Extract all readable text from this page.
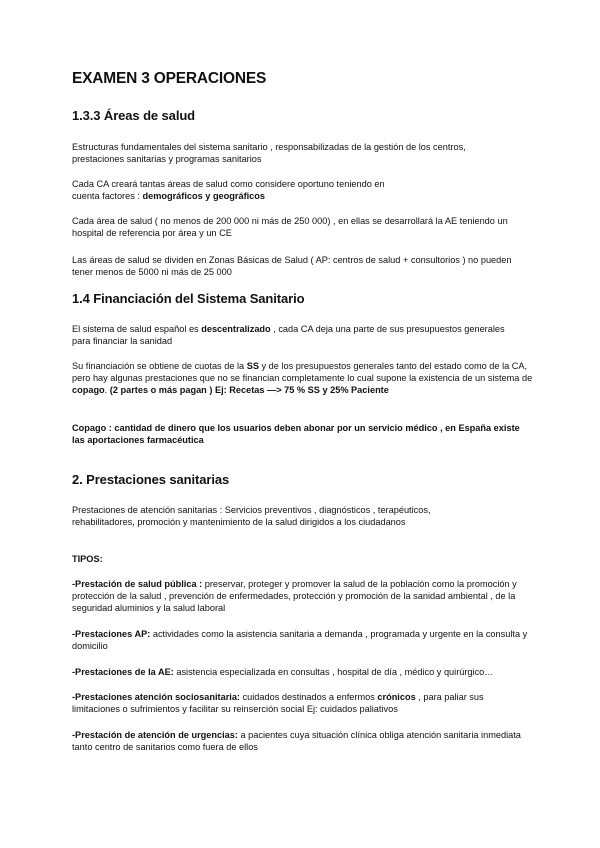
EXAMEN 3 OPERACIONES
1.3.3 Áreas de salud

Estructuras fundamentales del sistema sanitario , responsabilizadas de la gestión de los centros, prestaciones sanitarias y programas sanitarios

Cada CA creará tantas áreas de salud como considere oportuno teniendo en cuenta factores : demográficos y geográficos

Cada área de salud ( no menos de 200 000 ni más de 250 000) , en ellas se desarrollará la AE teniendo un hospital de referencia por área y un CE

Las áreas de salud se dividen en Zonas Básicas de Salud ( AP: centros de salud + consultorios ) no pueden tener menos de 5000 ni más de 25 000

1.4 Financiación del Sistema Sanitario

El sistema de salud español es descentralizado , cada CA deja una parte de sus presupuestos generales para financiar la sanidad

Su financiación se obtiene de cuotas de la SS y de los presupuestos generales tanto del estado como de la CA, pero hay algunas prestaciones que no se financian completamente lo cual supone la existencia de un sistema de copago. (2 partes o más pagan ) Ej: Recetas —> 75 % SS y 25% Paciente

Copago : cantidad de dinero que los usuarios deben abonar por un servicio médico , en España existe las aportaciones farmacéutica

2. Prestaciones sanitarias

Prestaciones de atención sanitarias : Servicios preventivos , diagnósticos , terapéuticos, rehabilitadores, promoción y mantenimiento de la salud dirigidos a los ciudadanos

TIPOS:

-Prestación de salud pública : preservar, proteger y promover la salud de la población como la promoción y protección de la salud , prevención de enfermedades, protección y promoción de la sanidad ambiental , de la seguridad aluminios y la salud laboral

-Prestaciones AP: actividades como la asistencia sanitaria a demanda , programada y urgente en la consulta y domicilio

-Prestaciones de la AE: asistencia especializada en consultas , hospital de día , médico y quirúrgico…

-Prestaciones atención sociosanitaria: cuidados destinados a enfermos crónicos , para paliar sus limitaciones o sufrimientos y facilitar su reinserción social Ej: cuidados paliativos

-Prestación de atención de urgencias: a pacientes cuya situación clínica obliga atención sanitaria inmediata tanto centro de sanitarios como fuera de ellos
